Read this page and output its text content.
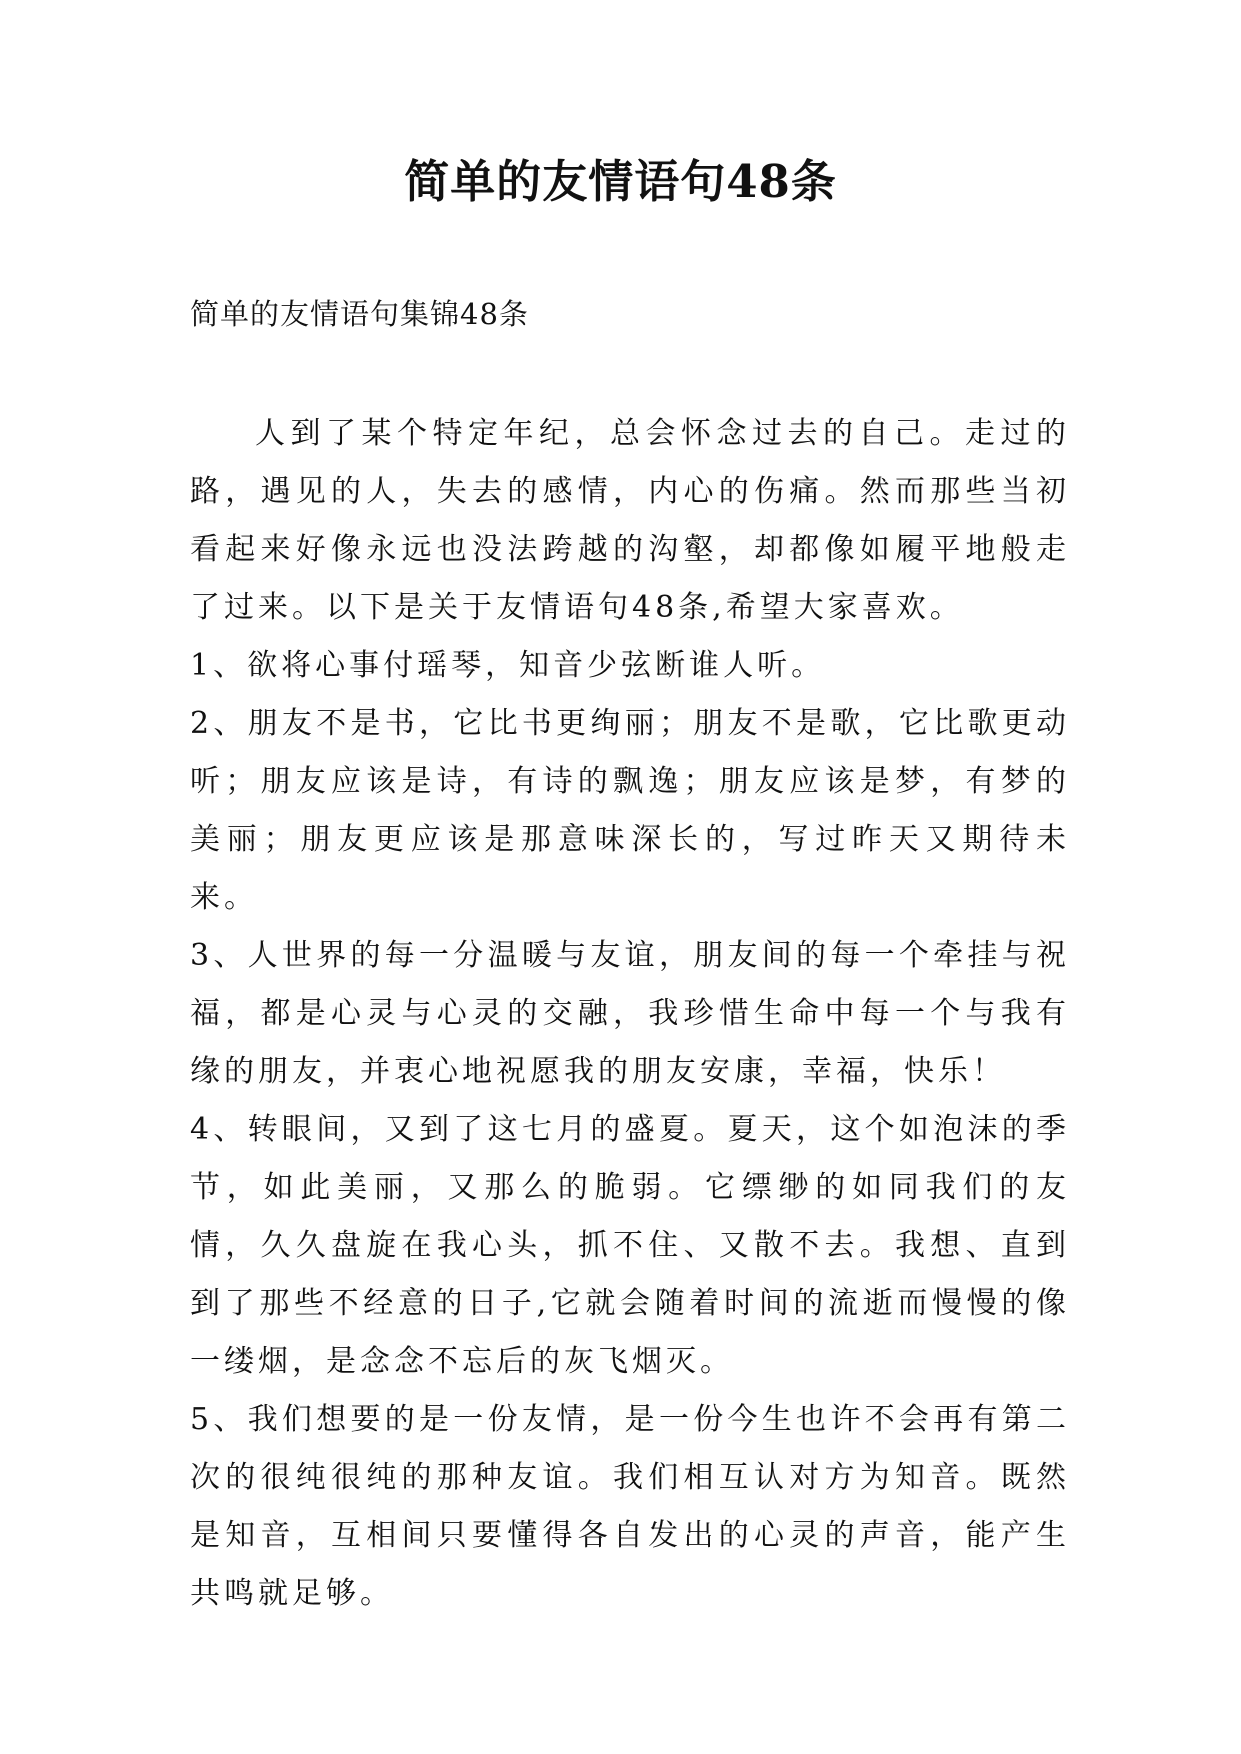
简单的友情语句48条
简单的友情语句集锦48条

人到了某个特定年纪，总会怀念过去的自己。走过的路，遇见的人，失去的感情，内心的伤痛。然而那些当初看起来好像永远也没法跨越的沟壑，却都像如履平地般走了过来。以下是关于友情语句48条,希望大家喜欢。

1、欲将心事付瑶琴，知音少弦断谁人听。

2、朋友不是书，它比书更绚丽；朋友不是歌，它比歌更动听；朋友应该是诗，有诗的飘逸；朋友应该是梦，有梦的美丽；朋友更应该是那意味深长的，写过昨天又期待未来。

3、人世界的每一分温暖与友谊，朋友间的每一个牵挂与祝福，都是心灵与心灵的交融，我珍惜生命中每一个与我有缘的朋友，并衷心地祝愿我的朋友安康，幸福，快乐！

4、转眼间，又到了这七月的盛夏。夏天，这个如泡沫的季节，如此美丽，又那么的脆弱。它缥缈的如同我们的友情，久久盘旋在我心头，抓不住、又散不去。我想、直到到了那些不经意的日子,它就会随着时间的流逝而慢慢的像一缕烟，是念念不忘后的灰飞烟灭。

5、我们想要的是一份友情，是一份今生也许不会再有第二次的很纯很纯的那种友谊。我们相互认对方为知音。既然是知音，互相间只要懂得各自发出的心灵的声音，能产生共鸣就足够。
